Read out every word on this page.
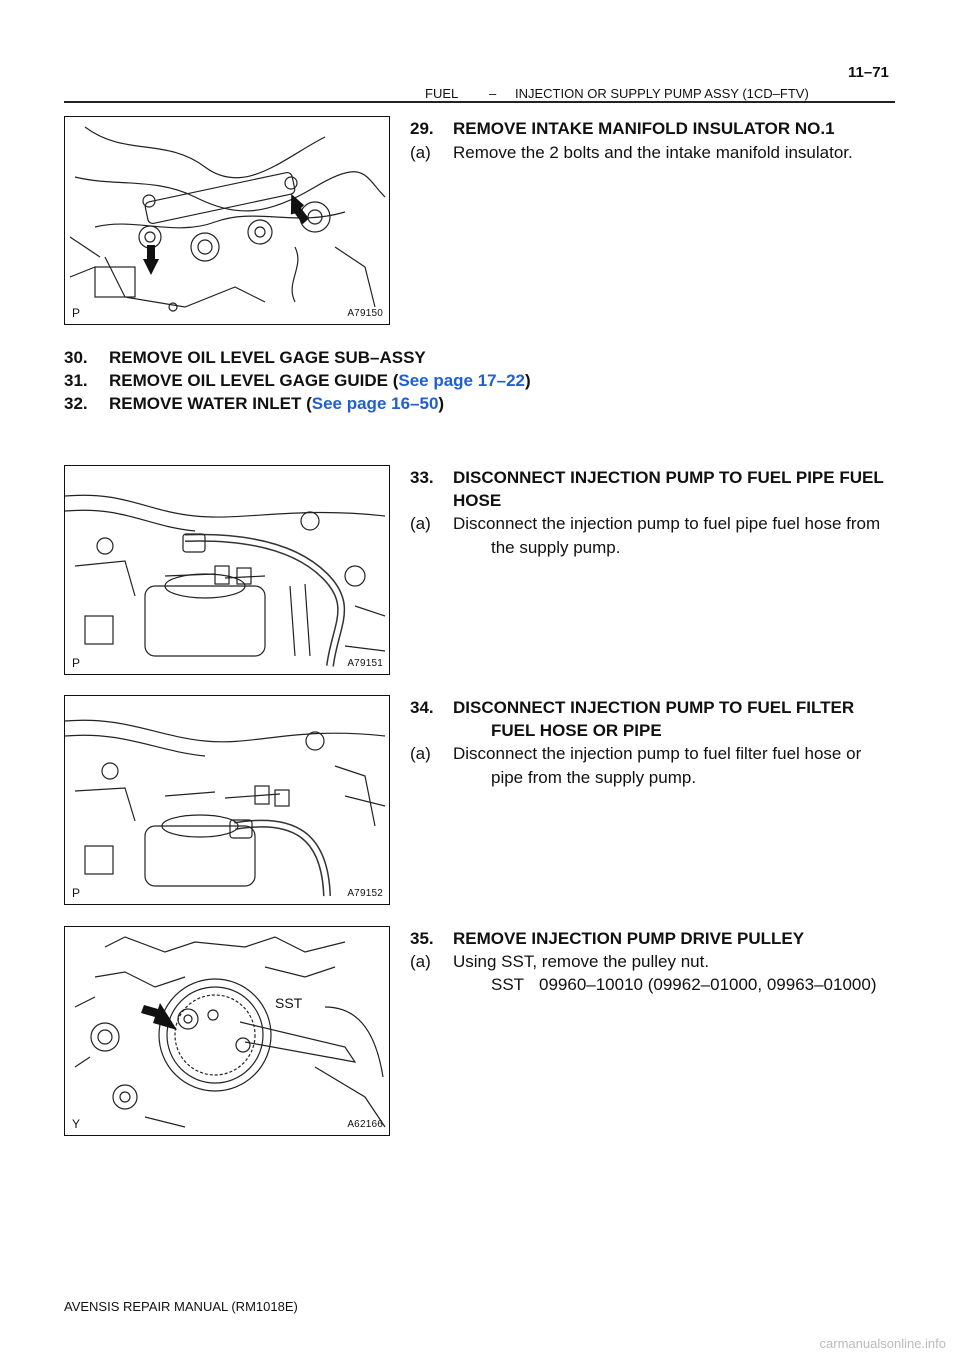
FUEL – INJECTION OR SUPPLY PUMP ASSY (1CD–FTV)
11–71
P	A79150
29. REMOVE INTAKE MANIFOLD INSULATOR NO.1
(a) Remove the 2 bolts and the intake manifold insulator.
30. REMOVE OIL LEVEL GAGE SUB–ASSY
31. REMOVE OIL LEVEL GAGE GUIDE (See page 17–22)
32. REMOVE WATER INLET (See page 16–50)
P	A79151
33. DISCONNECT INJECTION PUMP TO FUEL PIPE FUEL
HOSE
(a) Disconnect the injection pump to fuel pipe fuel hose from
the supply pump.
P	A79152
34. DISCONNECT INJECTION PUMP TO FUEL FILTER
FUEL HOSE OR PIPE
(a) Disconnect the injection pump to fuel filter fuel hose or
pipe from the supply pump.
SST
Y	A62166
35. REMOVE INJECTION PUMP DRIVE PULLEY
(a) Using SST, remove the pulley nut.
SST 09960–10010 (09962–01000, 09963–01000)
AVENSIS REPAIR MANUAL (RM1018E)
carmanualsonline.info
